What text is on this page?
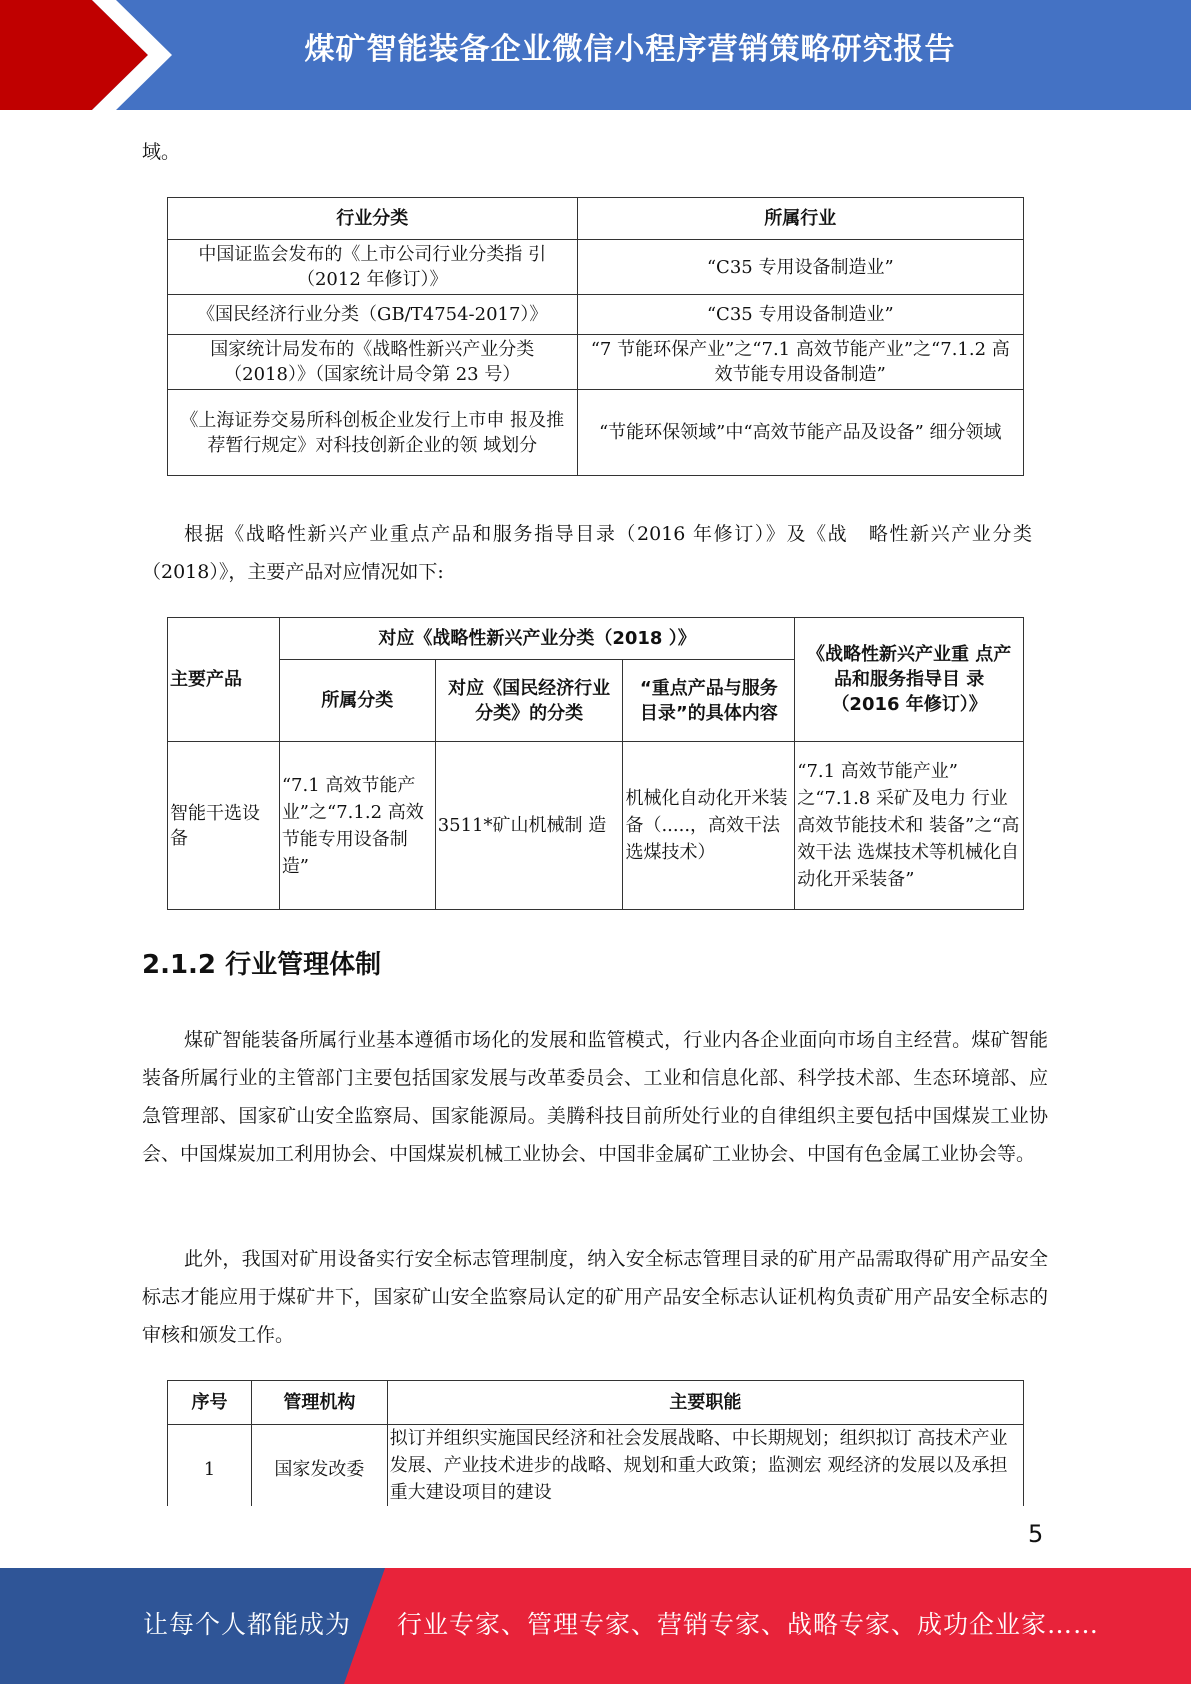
煤矿智能装备企业微信小程序营销策略研究报告

域。

行业分类	所属行业
中国证监会发布的《上市公司行业分类指 引（2012 年修订）》	“C35 专用设备制造业”
《国民经济行业分类（GB/T4754-2017）》	“C35 专用设备制造业”
国家统计局发布的《战略性新兴产业分类（2018）》（国家统计局令第 23 号）	“7 节能环保产业”之“7.1 高效节能产业”之“7.1.2 高效节能专用设备制造”
《上海证券交易所科创板企业发行上市申 报及推荐暂行规定》对科技创新企业的领 域划分	“节能环保领域”中“高效节能产品及设备” 细分领域

根据《战略性新兴产业重点产品和服务指导目录（2016 年修订）》及《战　略性新兴产业分类（2018）》，主要产品对应情况如下:

主要产品	对应《战略性新兴产业分类（2018 ）》			《战略性新兴产业重 点产品和服务指导目 录（2016 年修订）》
	所属分类	对应《国民经济行业分类》的分类	“重点产品与服务目录”的具体内容	
智能干选设备	“7.1 高效节能产业”之“7.1.2 高效节能专用设备制造”	3511*矿山机械制 造	机械化自动化开米装备（.....，高效干法选煤技术）	“7.1 高效节能产业” 之“7.1.8 采矿及电力 行业高效节能技术和 装备”之“高效干法 选煤技术等机械化自 动化开采装备”
2.1.2 行业管理体制

煤矿智能装备所属行业基本遵循市场化的发展和监管模式，行业内各企业面向市场自主经营。煤矿智能装备所属行业的主管部门主要包括国家发展与改革委员会、工业和信息化部、科学技术部、生态环境部、应急管理部、国家矿山安全监察局、国家能源局。美腾科技目前所处行业的自律组织主要包括中国煤炭工业协会、中国煤炭加工利用协会、中国煤炭机械工业协会、中国非金属矿工业协会、中国有色金属工业协会等。

此外，我国对矿用设备实行安全标志管理制度，纳入安全标志管理目录的矿用产品需取得矿用产品安全标志才能应用于煤矿井下，国家矿山安全监察局认定的矿用产品安全标志认证机构负责矿用产品安全标志的审核和颁发工作。

序号	管理机构	主要职能
1	国家发改委	拟订并组织实施国民经济和社会发展战略、中长期规划；组织拟订 高技术产业发展、产业技术进步的战略、规划和重大政策；监测宏 观经济的发展以及承担重大建设项目的建设
5
让每个人都能成为 行业专家、管理专家、营销专家、战略专家、成功企业家……
